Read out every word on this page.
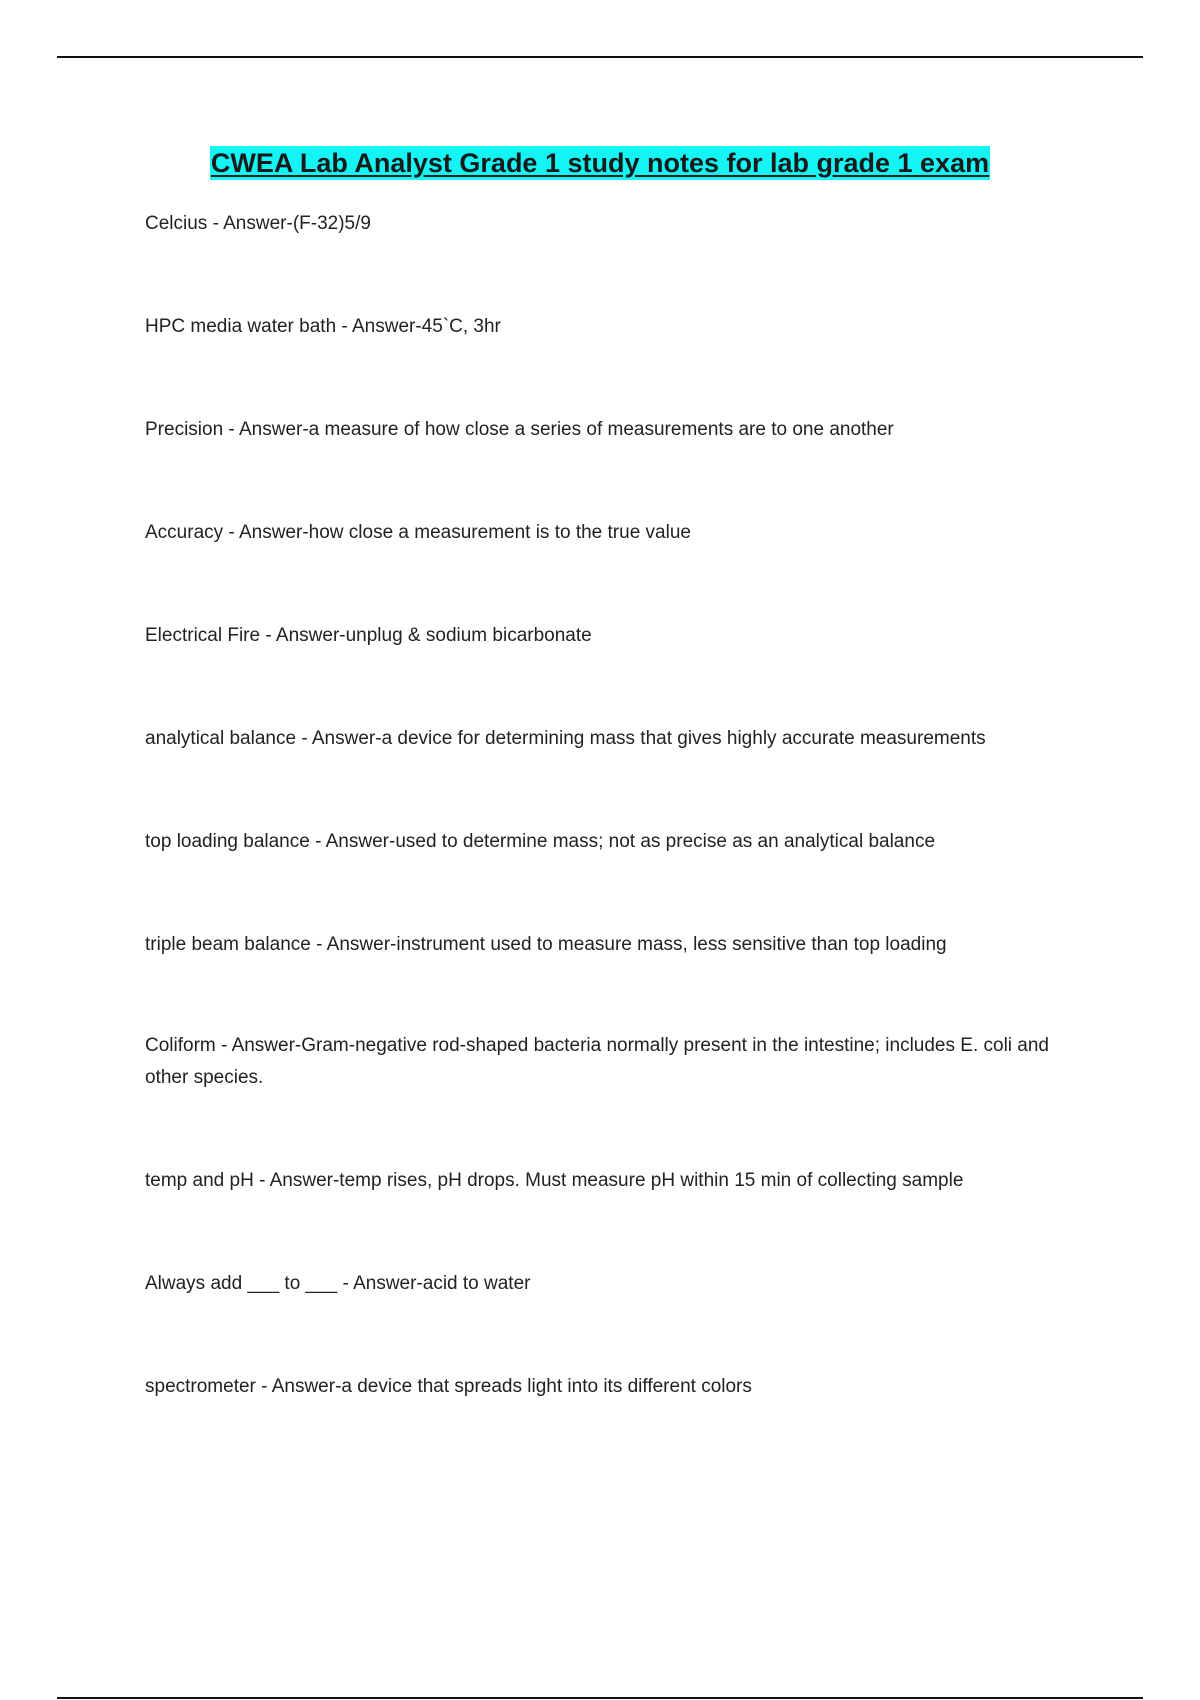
CWEA Lab Analyst Grade 1 study notes for lab grade 1 exam

Celcius - Answer-(F-32)5/9

HPC media water bath - Answer-45`C, 3hr

Precision - Answer-a measure of how close a series of measurements are to one another

Accuracy - Answer-how close a measurement is to the true value

Electrical Fire - Answer-unplug & sodium bicarbonate

analytical balance - Answer-a device for determining mass that gives highly accurate measurements

top loading balance - Answer-used to determine mass; not as precise as an analytical balance

triple beam balance - Answer-instrument used to measure mass, less sensitive than top loading

Coliform - Answer-Gram-negative rod-shaped bacteria normally present in the intestine; includes E. coli and other species.

temp and pH - Answer-temp rises, pH drops. Must measure pH within 15 min of collecting sample

Always add ___ to ___ - Answer-acid to water

spectrometer - Answer-a device that spreads light into its different colors
